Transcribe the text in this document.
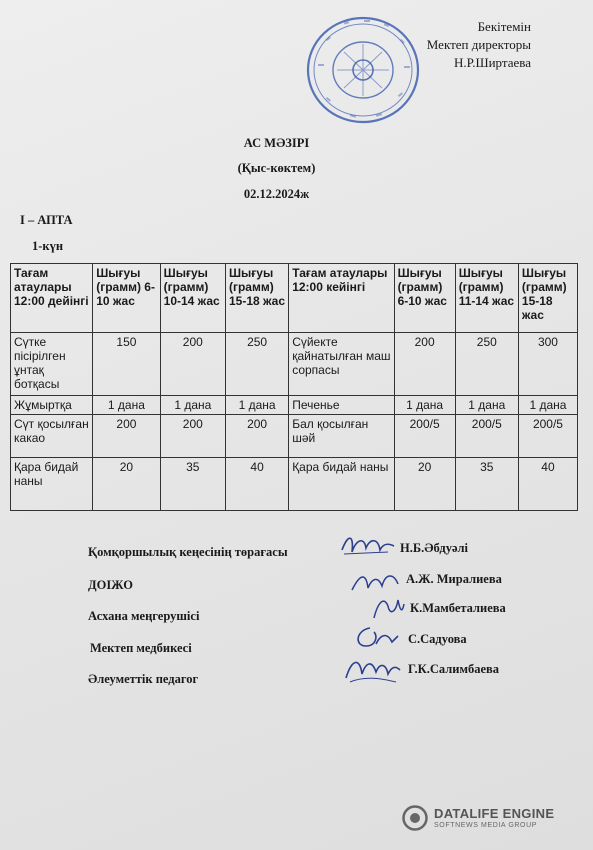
Бекітемін
Мектеп директоры
Н.Р.Ширтаева
АС МӘЗІРІ
(Қыс-көктем)
02.12.2024ж
І – АПТА
1-күн
Тағам атаулары 12:00 дейінгі	Шығуы (грамм) 6-10 жас	Шығуы (грамм) 10-14 жас	Шығуы (грамм) 15-18 жас	Тағам атаулары 12:00 кейінгі	Шығуы (грамм) 6-10 жас	Шығуы (грамм) 11-14 жас	Шығуы (грамм) 15-18 жас
Сүтке пісірілген ұнтақ ботқасы	150	200	250	Сүйекте қайнатылған маш сорпасы	200	250	300
Жұмыртқа	1 дана	1 дана	1 дана	Печенье	1 дана	1 дана	1 дана
Сүт қосылған какао	200	200	200	Бал қосылған шәй	200/5	200/5	200/5
Қара бидай наны	20	35	40	Қара бидай наны	20	35	40
Қомқоршылық кеңесінің төрағасы	Н.Б.Әбдуәлі
ДОІЖО	А.Ж. Миралиева
Асхана меңгерушісі
К.Мамбеталиева
Мектеп медбикесі
С.Садуова
Әлеуметтік педагог
Г.К.Салимбаева
DATALIFE ENGINE
SOFTNEWS MEDIA GROUP
